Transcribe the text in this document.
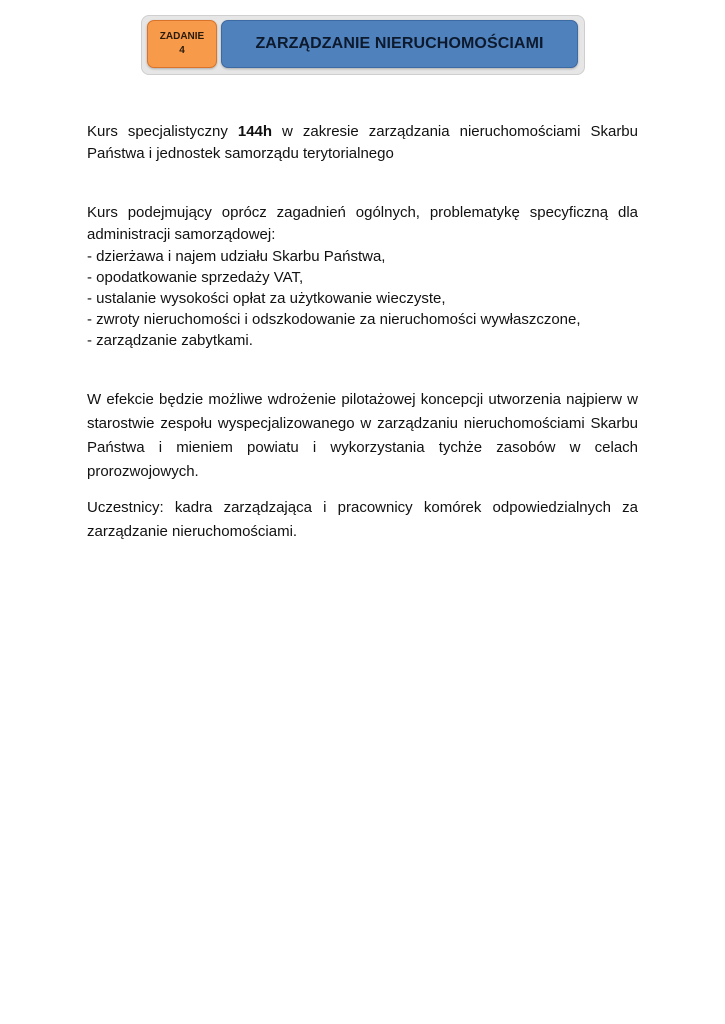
ZADANIE
4	ZARZĄDZANIE NIERUCHOMOŚCIAMI

Kurs specjalistyczny 144h w zakresie zarządzania nieruchomościami Skarbu Państwa i jednostek samorządu terytorialnego

Kurs podejmujący oprócz zagadnień ogólnych, problematykę specyficzną dla administracji samorządowej:

- dzierżawa i najem udziału Skarbu Państwa,
- opodatkowanie sprzedaży VAT,
- ustalanie wysokości opłat za użytkowanie wieczyste,
- zwroty nieruchomości i odszkodowanie za nieruchomości wywłaszczone,
- zarządzanie zabytkami.

W efekcie będzie możliwe wdrożenie pilotażowej koncepcji utworzenia najpierw w starostwie zespołu wyspecjalizowanego w zarządzaniu nieruchomościami Skarbu Państwa i mieniem powiatu i wykorzystania tychże zasobów w celach prorozwojowych.

Uczestnicy: kadra zarządzająca i pracownicy komórek odpowiedzialnych za zarządzanie nieruchomościami.
